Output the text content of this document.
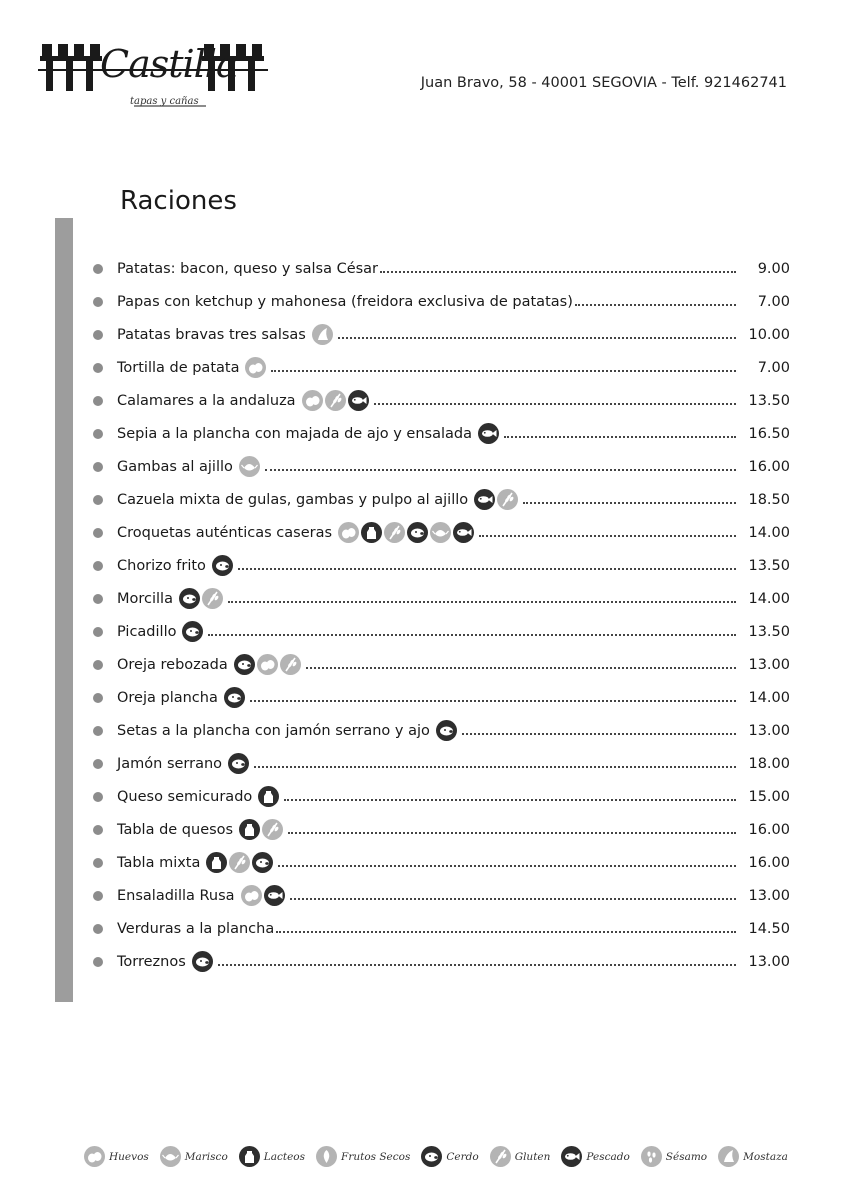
Castilla
tapas y cañas
Juan Bravo, 58 - 40001 SEGOVIA - Telf. 921462741
Raciones
Patatas: bacon, queso y salsa César	9.00
Papas con ketchup y mahonesa (freidora exclusiva de patatas)	7.00
Patatas bravas tres salsas	10.00
Tortilla de patata	7.00
Calamares a la andaluza	13.50
Sepia a la plancha con majada de ajo y ensalada	16.50
Gambas al ajillo	16.00
Cazuela mixta de gulas, gambas y pulpo al ajillo	18.50
Croquetas auténticas caseras	14.00
Chorizo frito	13.50
Morcilla	14.00
Picadillo	13.50
Oreja rebozada	13.00
Oreja plancha	14.00
Setas a la plancha con jamón serrano y ajo	13.00
Jamón serrano	18.00
Queso semicurado	15.00
Tabla de quesos	16.00
Tabla mixta	16.00
Ensaladilla Rusa	13.00
Verduras a la plancha	14.50
Torreznos	13.00
Huevos	Marisco	Lacteos	Frutos Secos	Cerdo	Gluten	Pescado	Sésamo	Mostaza
